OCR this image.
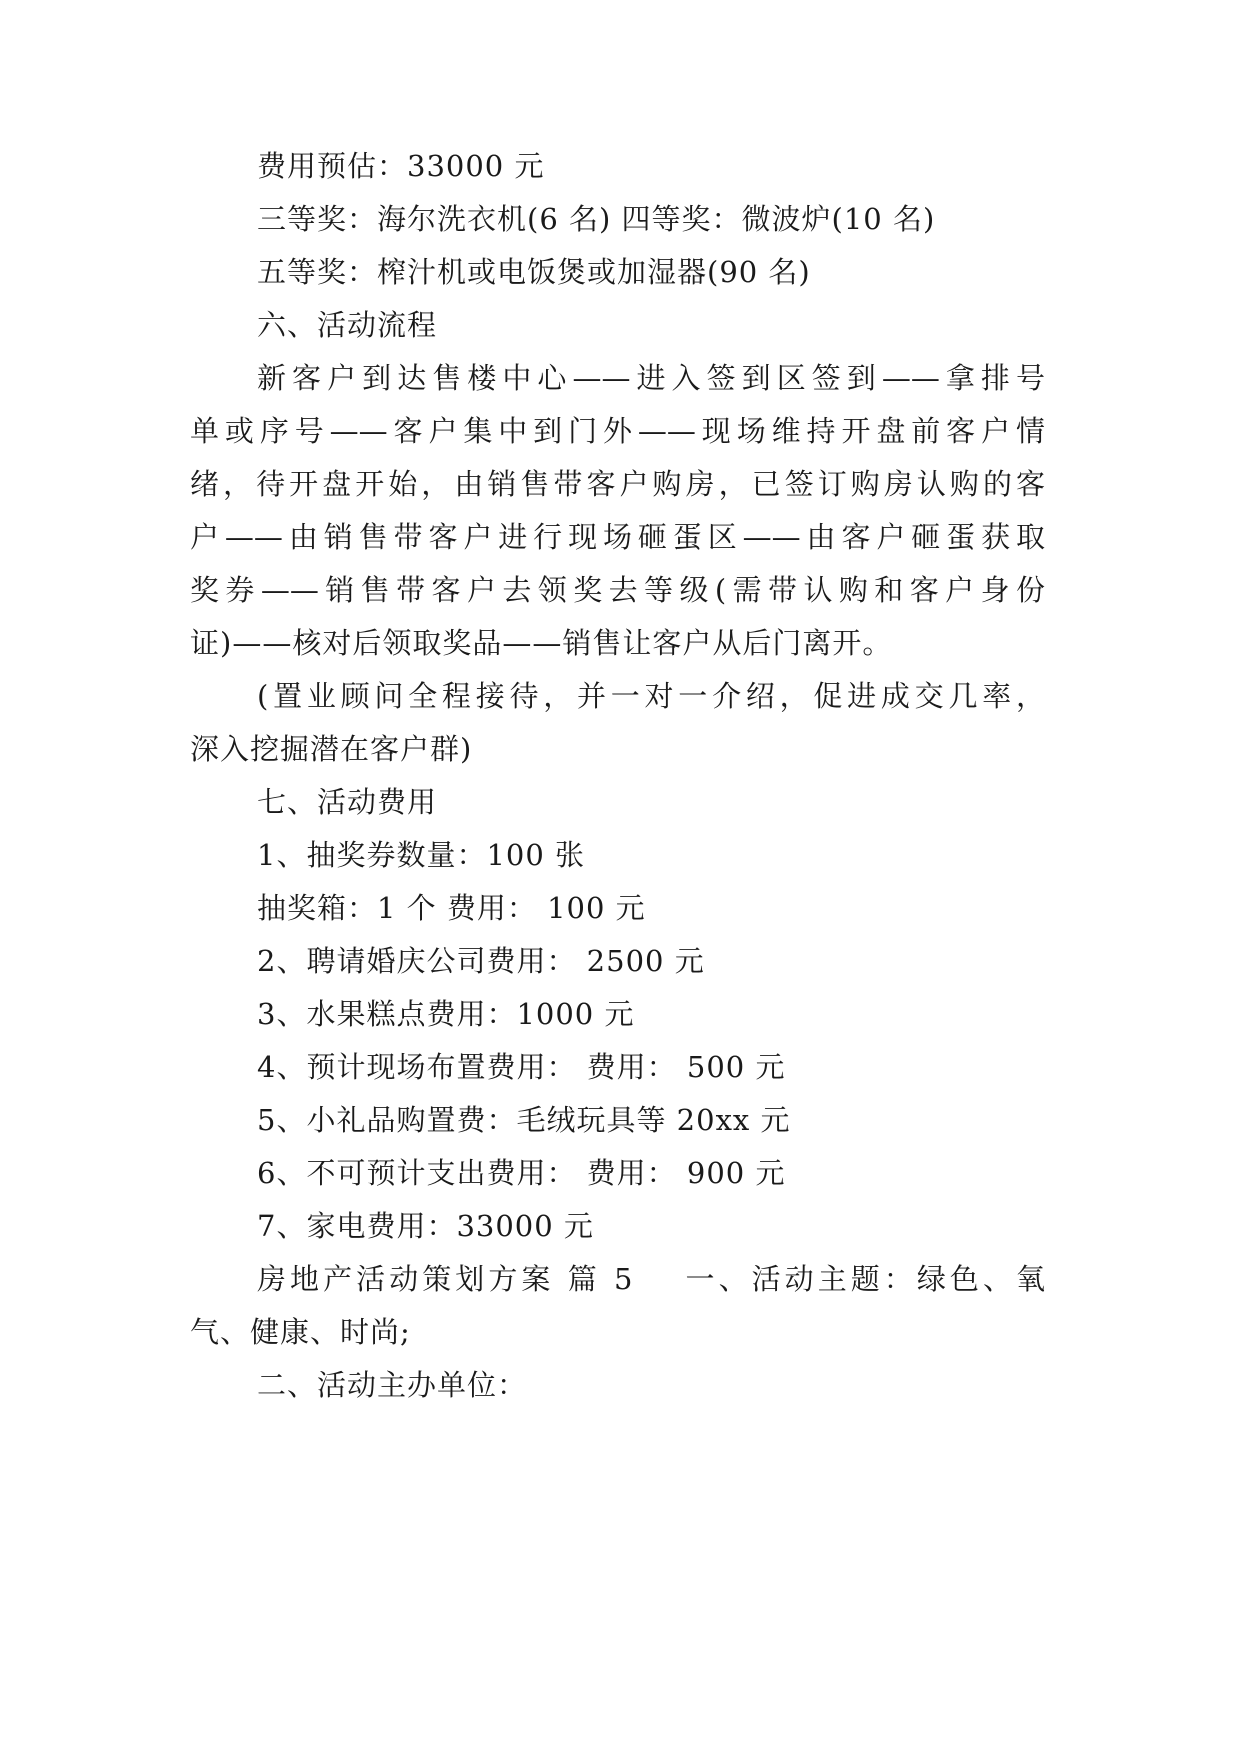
费用预估：33000 元
三等奖：海尔洗衣机(6 名) 四等奖：微波炉(10 名)
五等奖：榨汁机或电饭煲或加湿器(90 名)
六、活动流程
新客户到达售楼中心——进入签到区签到——拿排号
单或序号——客户集中到门外——现场维持开盘前客户情
绪，待开盘开始，由销售带客户购房，已签订购房认购的客
户——由销售带客户进行现场砸蛋区——由客户砸蛋获取
奖券——销售带客户去领奖去等级(需带认购和客户身份
证)——核对后领取奖品——销售让客户从后门离开。
(置业顾问全程接待，并一对一介绍，促进成交几率，
深入挖掘潜在客户群)
七、活动费用
1、抽奖券数量：100 张
抽奖箱：1 个 费用： 100 元
2、聘请婚庆公司费用： 2500 元
3、水果糕点费用：1000 元
4、预计现场布置费用： 费用： 500 元
5、小礼品购置费：毛绒玩具等 20xx 元
6、不可预计支出费用： 费用： 900 元
7、家电费用：33000 元
房地产活动策划方案 篇 5    一、活动主题：绿色、氧
气、健康、时尚;
二、活动主办单位：
